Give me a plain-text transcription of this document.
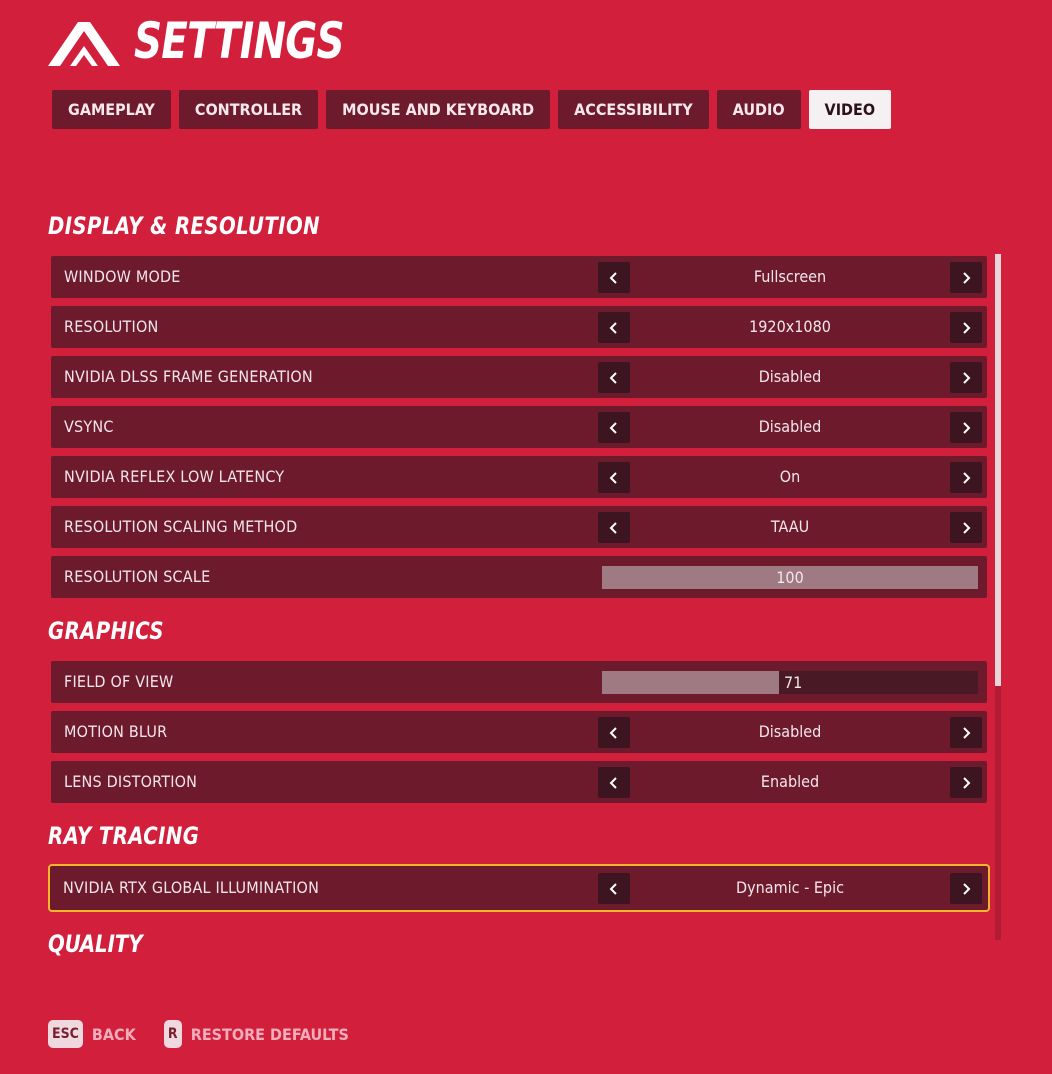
SETTINGS
GAMEPLAY	CONTROLLER	MOUSE AND KEYBOARD	ACCESSIBILITY	AUDIO	VIDEO
DISPLAY & RESOLUTION
WINDOW MODE	Fullscreen
RESOLUTION	1920x1080
NVIDIA DLSS FRAME GENERATION	Disabled
VSYNC	Disabled
NVIDIA REFLEX LOW LATENCY	On
RESOLUTION SCALING METHOD	TAAU
RESOLUTION SCALE	100
GRAPHICS
FIELD OF VIEW	71
MOTION BLUR	Disabled
LENS DISTORTION	Enabled
RAY TRACING
NVIDIA RTX GLOBAL ILLUMINATION	Dynamic - Epic
QUALITY
ESC BACK R RESTORE DEFAULTS
